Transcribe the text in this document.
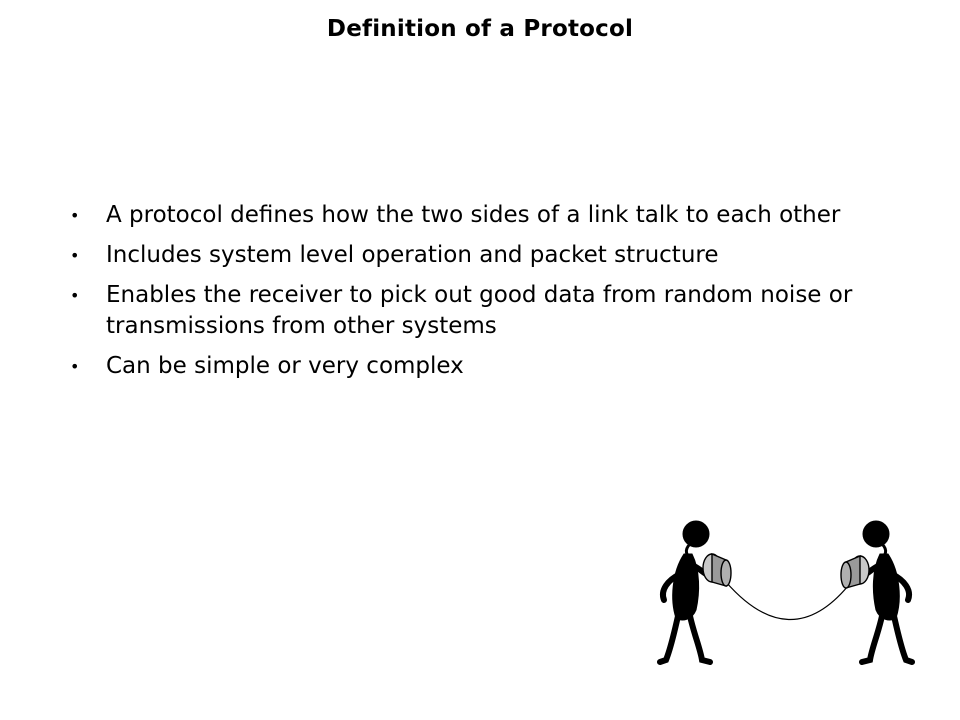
Definition of a Protocol
• A protocol defines how the two sides of a link talk to each other
• Includes system level operation and packet structure
• Enables the receiver to pick out good data from random noise or transmissions from other systems
• Can be simple or very complex
